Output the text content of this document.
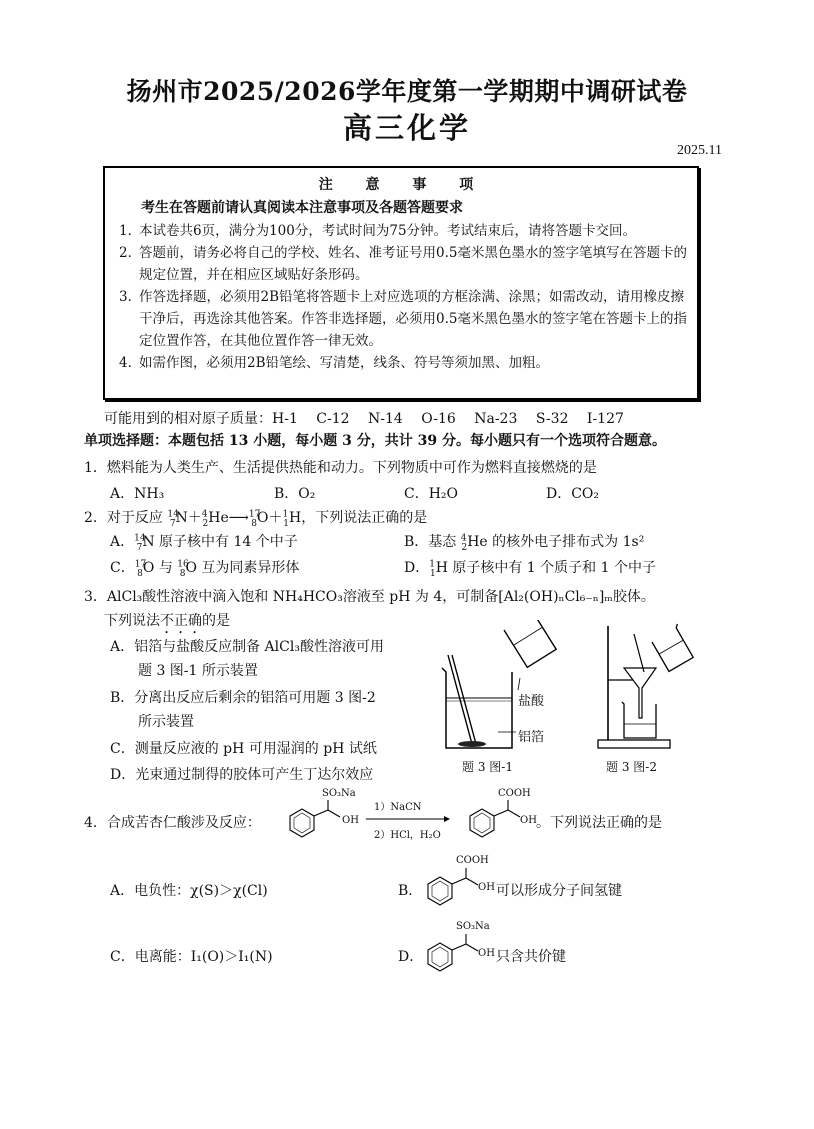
扬州市2025/2026学年度第一学期期中调研试卷
高三化学
2025.11
注 意 事 项
考生在答题前请认真阅读本注意事项及各题答题要求
1．
本试卷共6页，满分为100分，考试时间为75分钟。考试结束后，请将答题卡交回。
2．
答题前，请务必将自己的学校、姓名、准考证号用0.5毫米黑色墨水的签字笔填写在答题卡的规定位置，并在相应区域贴好条形码。
3．
作答选择题，必须用2B铅笔将答题卡上对应选项的方框涂满、涂黑；如需改动，请用橡皮擦干净后，再选涂其他答案。作答非选择题，必须用0.5毫米黑色墨水的签字笔在答题卡上的指定位置作答，在其他位置作答一律无效。
4．
如需作图，必须用2B铅笔绘、写清楚，线条、符号等须加黑、加粗。
可能用到的相对原子质量：H-1　 C-12　 N-14　 O-16　 Na-23　 S-32　 I-127
单项选择题：本题包括 13 小题，每小题 3 分，共计 39 分。每小题只有一个选项符合题意。
1．燃料能为人类生产、生活提供热能和动力。下列物质中可作为燃料直接燃烧的是
A．NH₃	B．O₂	C．H₂O	D．CO₂
2．对于反应 $^{14}_7$N＋$^4_2$He⟶$^{17}_8$O＋$^1_1$H，下列说法正确的是
A．$^{14}_7$N 原子核中有 14 个中子	B．基态 $^4_2$He 的核外电子排布式为 1s²
C．$^{17}_8$O 与 $^{16}_8$O 互为同素异形体	D．$^1_1$H 原子核中有 1 个质子和 1 个中子
3．AlCl₃酸性溶液中滴入饱和 NH₄HCO₃溶液至 pH 为 4，可制备[Al₂(OH)ₙCl₆₋ₙ]ₘ胶体。
下列说法不正确的是
A．铝箔与盐酸反应制备 AlCl₃酸性溶液可用
题 3 图-1 所示装置
B．分离出反应后剩余的铝箔可用题 3 图-2
所示装置
C．测量反应液的 pH 可用湿润的 pH 试纸
D．光束通过制得的胶体可产生丁达尔效应
盐酸
铝箔
题 3 图-1	题 3 图-2
4．合成苦杏仁酸涉及反应：
SO₃Na
OH
1）NaCN
2）HCl，H₂O
COOH
OH 。下列说法正确的是
A．电负性：χ(S)＞χ(Cl)	B．
COOH
OH 可以形成分子间氢键
C．电离能：I₁(O)＞I₁(N)	D．
SO₃Na
OH 只含共价键
